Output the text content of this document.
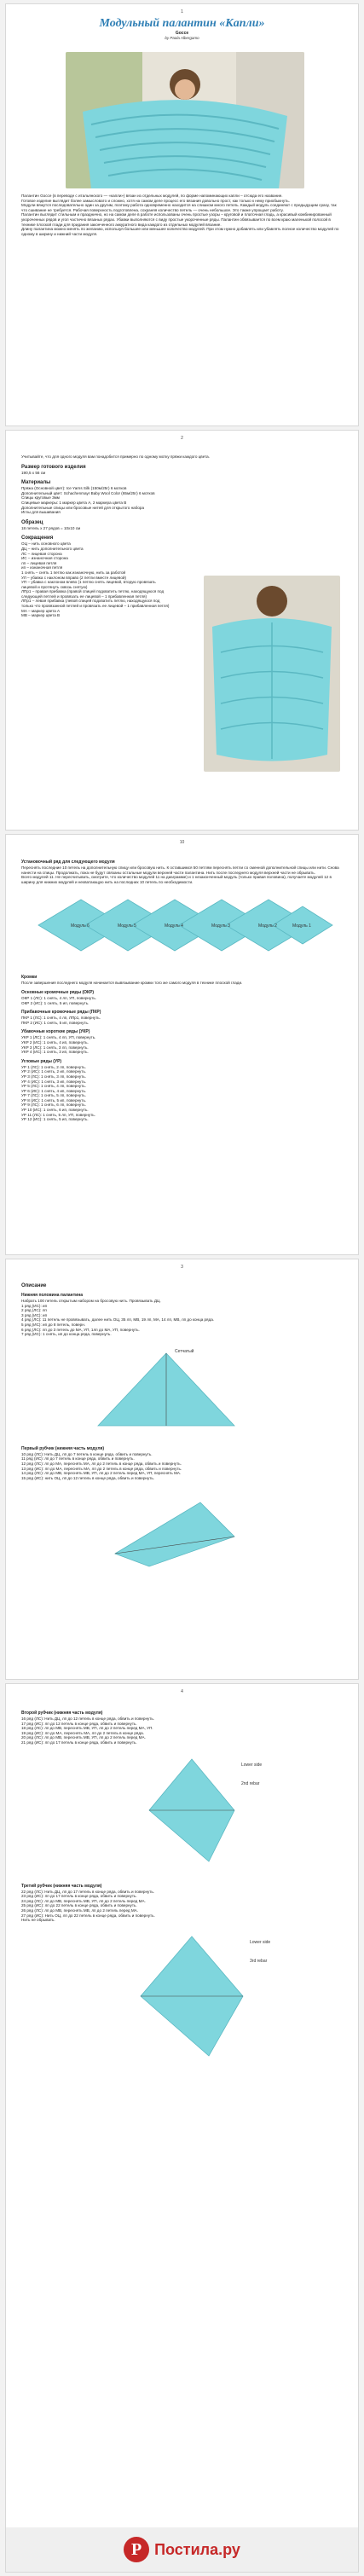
1
Модульный палантин «Капли»
Gocce
by Paola Albergamo

Палантин Gocce (в переводе с итальянского — «капли») вязан из отдельных модулей, по форме напоминающих капли – отсюда его название.

Готовое изделие выглядит более замысловато и сложно, хотя на самом деле процесс его вязания довольно прост, как только к нему приобыкнуть.

Модули вяжутся последовательно один за другим, поэтому работа одновременно находится на слишком много петель. Каждый модуль соединяют с предыдущим сразу, так что сшивание не требуется. Рабочая поверхность подготовлена, сохраняя количество петель — очень небольшое. Это также упрощает работу.

Палантин выглядит стильным и празднично, но на самом деле в работе использованы очень простые узоры – круговой и платочная гладь, а красивый комбинированный укороченных рядов и угол частично вязаных рядах. Убавки выполняются с виду простые укороченные ряды. Палантин обвязывается по всем краю маленькой полосой в технике плоской глади для придания законченного аккуратного вида каждого из отдельных модулей вязание.

Длину палантина можно менять по желанию, используя большее или меньшее количество модулей. При этом нужно добавлять или убавлять полное количество модулей по одному в ширину и нижний части модуля.

2

Учитывайте, что для одного модуля вам понадобится примерно по одному мотку пряжи каждого цвета.

Размер готового изделия
190,5 x 56 см
Материалы
Пряжа (Основной цвет): Ice Yarns Silk (150м/25г) 6 мотков
Дополнительный цвет: Schachenmayr Baby Wool Color (65м/25г) 6 мотков
Спицы круговые 3мм
Спицевые маркеры: 1 маркер цвета А, 2 маркера цвета В
Дополнительные спицы или бросовые нитей для открытого набора
Иглы для вышивания
Образец
18 петель x 27 рядов = 10x10 см
Сокращения
ОЦ – нить основного цвета
ДЦ – нить дополнительного цвета
ЛС – лицевая сторона
ИС – изнаночная сторона
лп – лицевая петля
ип – изнаночная петля
1 снять – снять 1 петлю как изнаночную, нить за работой
УЛ – убавка с наклоном вправо (2 петли вместе лицевой)
УП – убавка с наклоном влево (1 петлю снять лицевой, вторую провязать лицевой и протянуть сквозь снятую)
ЛПр1 – правая прибавка (правой спицей подхватить петлю, находящуюся под следующей петлей и провязать ее лицевой – 1 прибавленная петля)
ЛПр1 – левая прибавка (левой спицей подхватить петлю, находящуюся под только что провязанной петлей и провязать ее лицевой – 1 прибавленная петля)
МА – маркер цвета А
МВ – маркер цвета В
10
Установочный ряд для следующего модуля

Переснять последние 10 петель на дополнительную спицу или бросовую нить. К оставшимся 50 петлям переснять петли со сменной дополнительной спицы или нити. Снова нанести на спицы. Продолжать, пока не будут связаны остальные модули верхней части палантина. Нить после последнего модуля верхней части не обрывать.

Всего модулей 11. Не пересчитывать, смотрите, что количество модулей 11 на диаграмме) и 1 незаконченный модуль (только правая половина), получаете модулей 12 в ширину для нижних модулей и нехватающую нить на последних 10 петель по необходимости.

Модуль 6	Модуль 5	Модуль 4	Модуль 3	Модуль 2	Модуль 1
Кромки

После завершения последнего модуля начинается вывязывание кромки того же самого модуля в технике плоской глади.

Основные кромочные ряды (ОКР)
ОКР 1 (ЛС): 1 снять, 4 лп, УП, повернуть.
ОКР 2 (ИС): 1 снять, 5 ип, повернуть.
Прибавочные кромочные ряды (ПКР)
ПКР 1 (ЛС): 1 снять, 4 лп, ЛПр1, повернуть.
ПКР 2 (ИС): 1 снять, 5 ип, повернуть.
Убавочные короткие ряды (УКР)
УКР 1 (ЛС): 1 снять, 4 лп, УП, повернуть.
УКР 2 (ИС): 1 снять, 4 ип, повернуть.
УКР 3 (ЛС): 1 снять, 3 лп, повернуть.
УКР 4 (ИС): 1 снять, 3 ип, повернуть.
Угловые ряды (УР)
УР 1 (ЛС): 1 снять, 2 лп, повернуть.
УР 2 (ИС): 1 снять, 2 ип, повернуть.
УР 3 (ЛС): 1 снять, 3 лп, повернуть.
УР 4 (ИС): 1 снять, 3 ип, повернуть.
УР 5 (ЛС): 1 снять, 4 лп, повернуть.
УР 6 (ИС): 1 снять, 4 ип, повернуть.
УР 7 (ЛС): 1 снять, 5 лп, повернуть.
УР 8 (ИС): 1 снять, 5 ип, повернуть.
УР 9 (ЛС): 1 снять, 6 лп, повернуть.
УР 10 (ИС): 1 снять, 6 ип, повернуть.
УР 11 (ЛС): 1 снять, 5 лп, УП, повернуть.
УР 12 (ИС): 1 снять, 5 ип, повернуть.
3
Описание
Нижняя половина палантина

Набрать 100 петель открытым набором на бросовую нить. Провязывать ДЦ.

1 ряд (ИС): ип
2 ряд (ЛС): лп
3 ряд (ИС): ип
4 ряд (ЛС): 11 петель не провязывать, далее нить ОЦ, 35 лп, МВ, 19 лп, МА, 14 лп, МВ, лп до конца ряда.
5 ряд (ИС): ип до 8 петель, поверн.
6 ряд (ЛС): лп до 3 петель до МА, УП, 1лп до МА, УП, повернуть.
7 ряд (ИС): 1 снять, ип до конца ряда, повернуть.
Сетчатый
Первый рубчик (нижняя часть модуля)
10 ряд (ЛС): Нить ДЦ, лп до 7 петель в конце ряда, обвить и повернуть.
11 ряд (ИС): лп до 7 петель в конце ряда, обвить и повернуть.
12 ряд (ЛС): лп до МА, переснять МА, лп до 2 петель в конце ряда, обвить и повернуть.
13 ряд (ИС): лп до МА, переснять МА, лп до 2 петель в конце ряда, обвить и повернуть.
14 ряд (ЛС): лп до МВ, переснять МВ, УП, лп до 2 петель перед МА, УП, переснять МА.
15 ряд (ИС): нить ОЦ, лп до 12 петель в конце ряда, обвить и повернуть.
4
Второй рубчик (нижняя часть модуля)
16 ряд (ЛС): Нить ДЦ, лп до 12 петель в конце ряда, обвить и повернуть.
17 ряд (ИС): лп до 12 петель в конце ряда, обвить и повернуть.
18 ряд (ЛС): лп до МВ, переснять МВ, УП, лп до 2 петель перед МА, УП.
19 ряд (ИС): лп до МА, переснять МА, лп до 2 петель в конце ряда.
20 ряд (ЛС): лп до МВ, переснять МВ, УП, лп до 2 петель перед МА.
21 ряд (ИС): лп до 17 петель в конце ряда, обвить и повернуть.
Lower side
2nd rebar
Третий рубчик (нижняя часть модуля)
22 ряд (ЛС): Нить ДЦ, лп до 17 петель в конце ряда, обвить и повернуть.
23 ряд (ИС): лп до 17 петель в конце ряда, обвить и повернуть.
24 ряд (ЛС): лп до МВ, переснять МВ, УП, лп до 2 петель перед МА.
25 ряд (ИС): лп до 22 петель в конце ряда, обвить и повернуть.
26 ряд (ЛС): лп до МВ, переснять МВ, лп до 2 петель перед МА.
27 ряд (ИС): Нить ОЦ, лп до 22 петель в конце ряда, обвить и повернуть.
Нить не обрывать.
Lower side
3rd rebar
P Постила.ру
